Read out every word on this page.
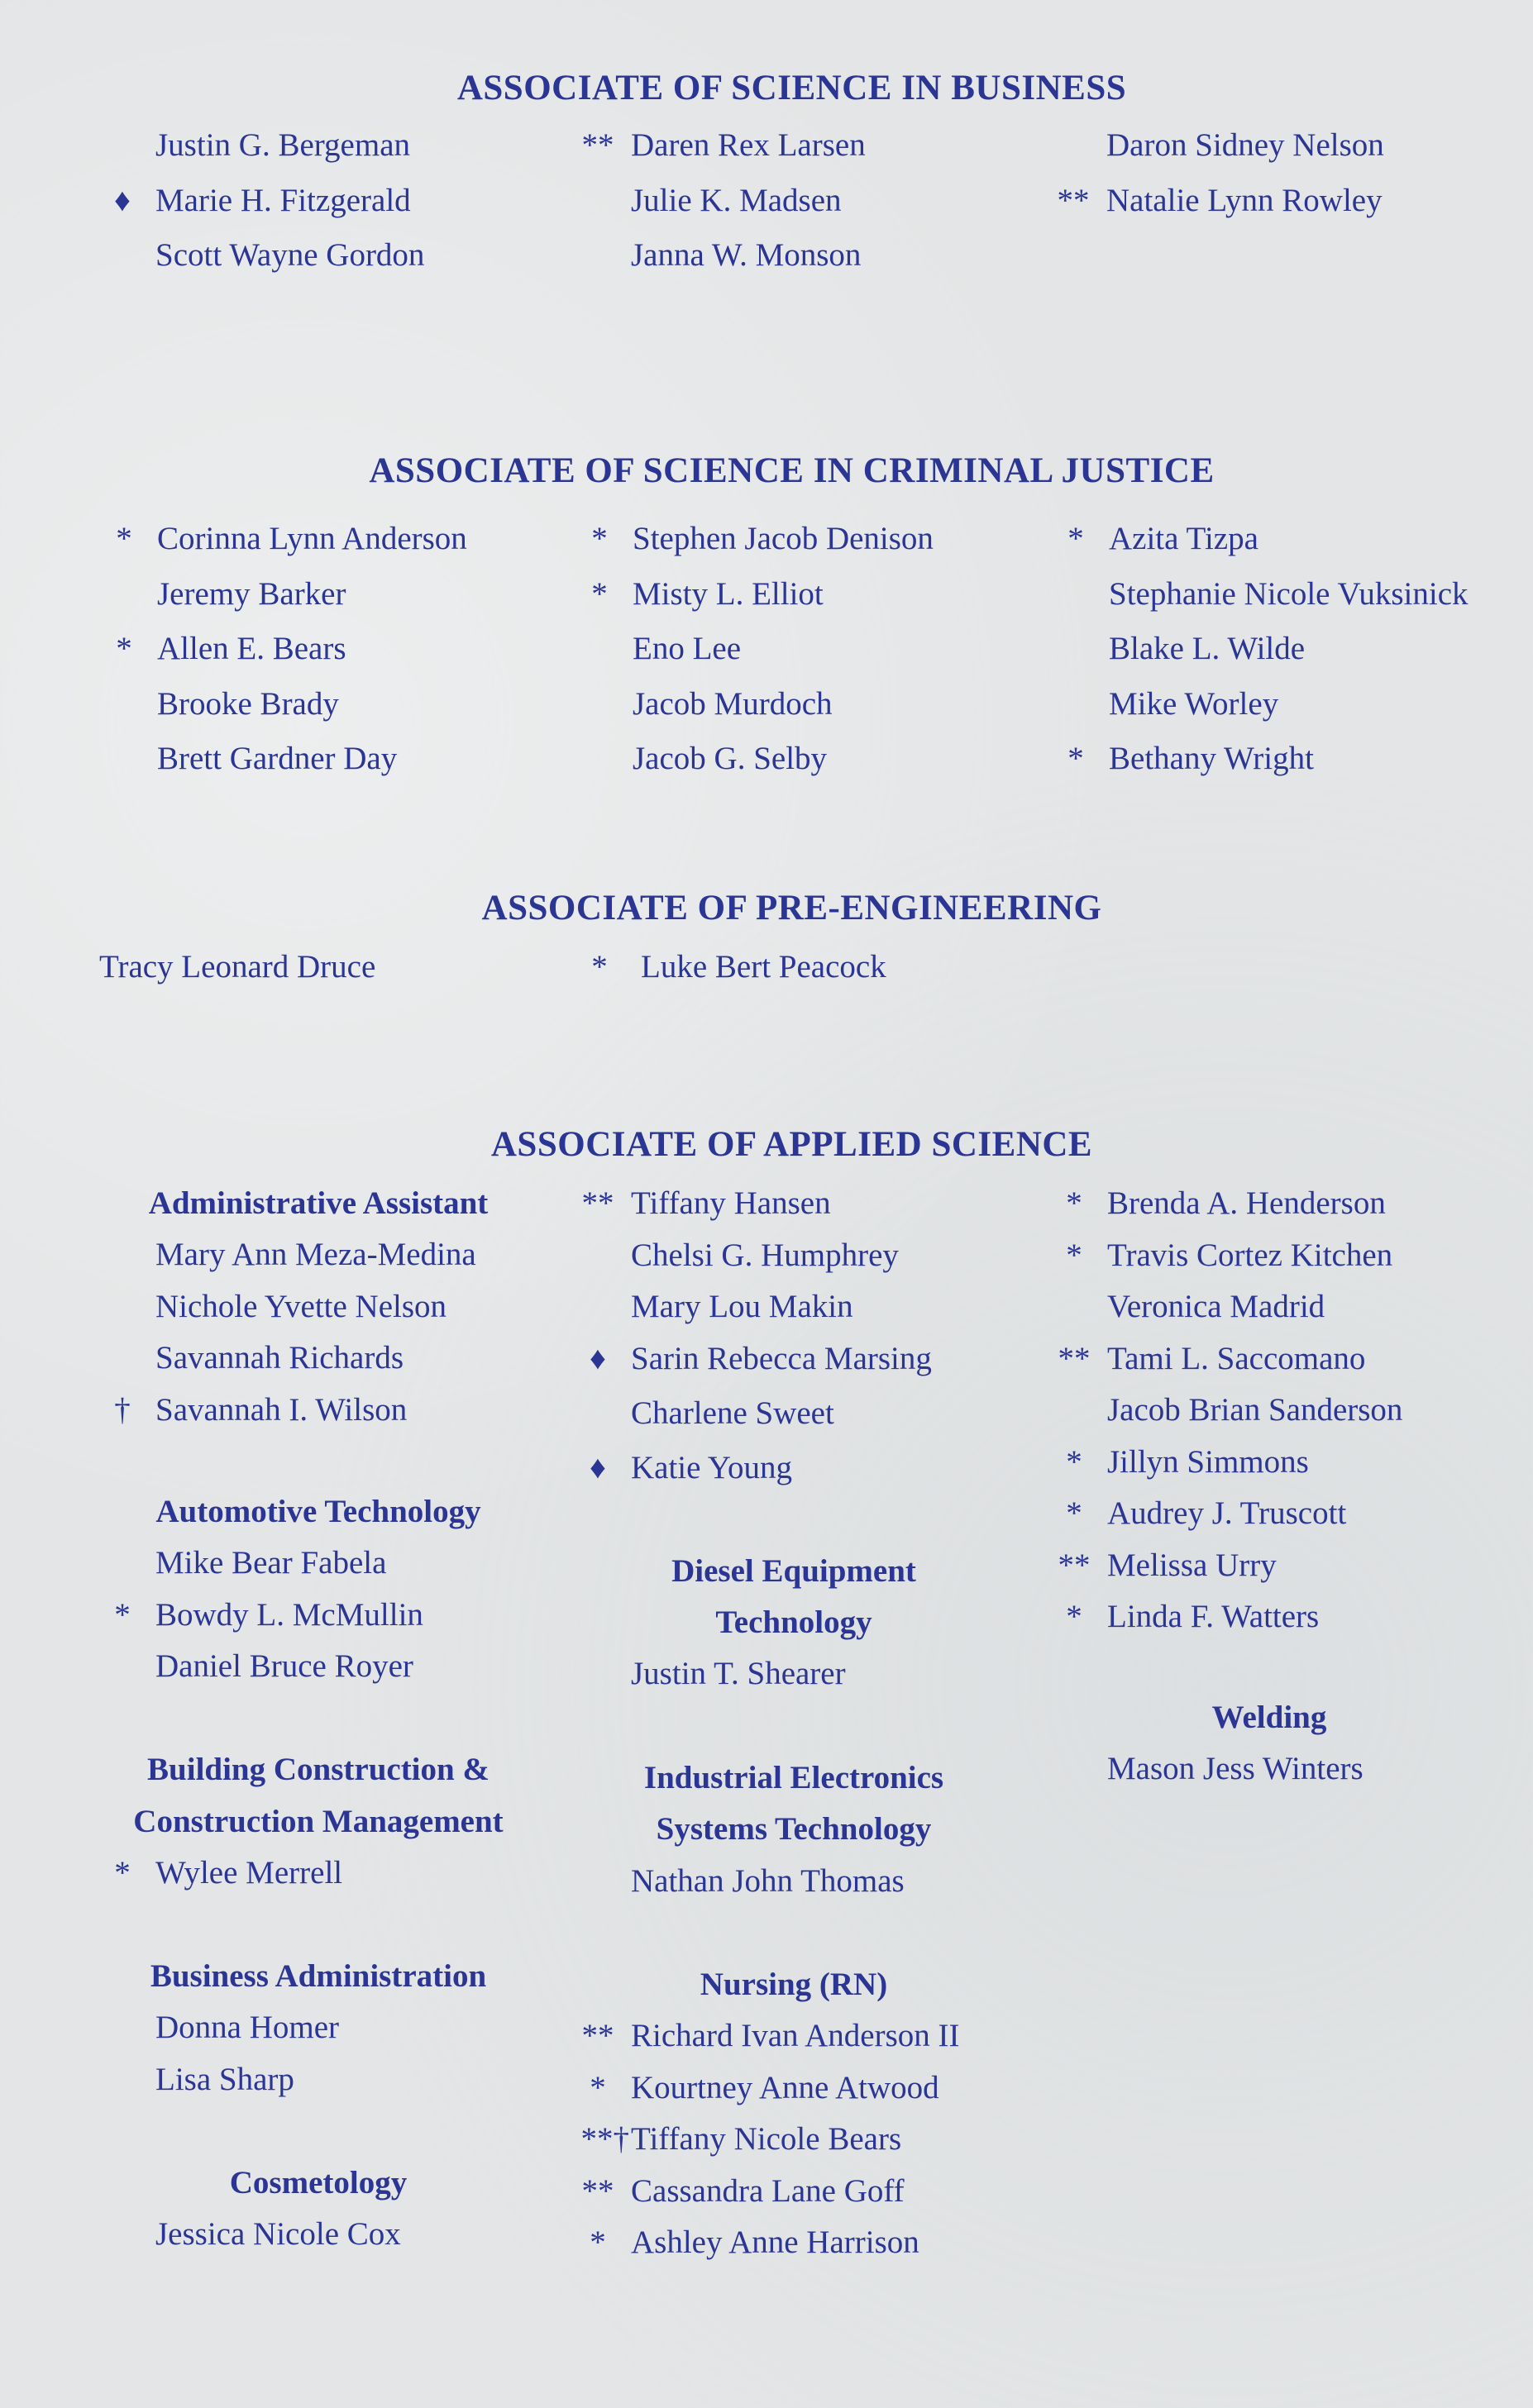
ASSOCIATE OF SCIENCE IN BUSINESS
Justin G. Bergeman
♦ Marie H. Fitzgerald
Scott Wayne Gordon
** Daren Rex Larsen
Julie K. Madsen
Janna W. Monson
Daron Sidney Nelson
** Natalie Lynn Rowley
ASSOCIATE OF SCIENCE IN CRIMINAL JUSTICE
* Corinna Lynn Anderson
Jeremy Barker
* Allen E. Bears
Brooke Brady
Brett Gardner Day
* Stephen Jacob Denison
* Misty L. Elliot
Eno Lee
Jacob Murdoch
Jacob G. Selby
* Azita Tizpa
Stephanie Nicole Vuksinick
Blake L. Wilde
Mike Worley
* Bethany Wright
ASSOCIATE OF PRE-ENGINEERING
Tracy Leonard Druce	*	Luke Bert Peacock
ASSOCIATE OF APPLIED SCIENCE
Administrative Assistant
Mary Ann Meza-Medina
Nichole Yvette Nelson
Savannah Richards
† Savannah I. Wilson
Automotive Technology
Mike Bear Fabela
* Bowdy L. McMullin
Daniel Bruce Royer
Building Construction &
Construction Management
* Wylee Merrell
Business Administration
Donna Homer
Lisa Sharp
Cosmetology
Jessica Nicole Cox
** Tiffany Hansen
Chelsi G. Humphrey
Mary Lou Makin
♦ Sarin Rebecca Marsing
Charlene Sweet
♦ Katie Young
Diesel Equipment
Technology
Justin T. Shearer
Industrial Electronics
Systems Technology
Nathan John Thomas
Nursing (RN)
** Richard Ivan Anderson II
* Kourtney Anne Atwood
**† Tiffany Nicole Bears
** Cassandra Lane Goff
* Ashley Anne Harrison
* Brenda A. Henderson
* Travis Cortez Kitchen
Veronica Madrid
** Tami L. Saccomano
Jacob Brian Sanderson
* Jillyn Simmons
* Audrey J. Truscott
** Melissa Urry
* Linda F. Watters
Welding
Mason Jess Winters
